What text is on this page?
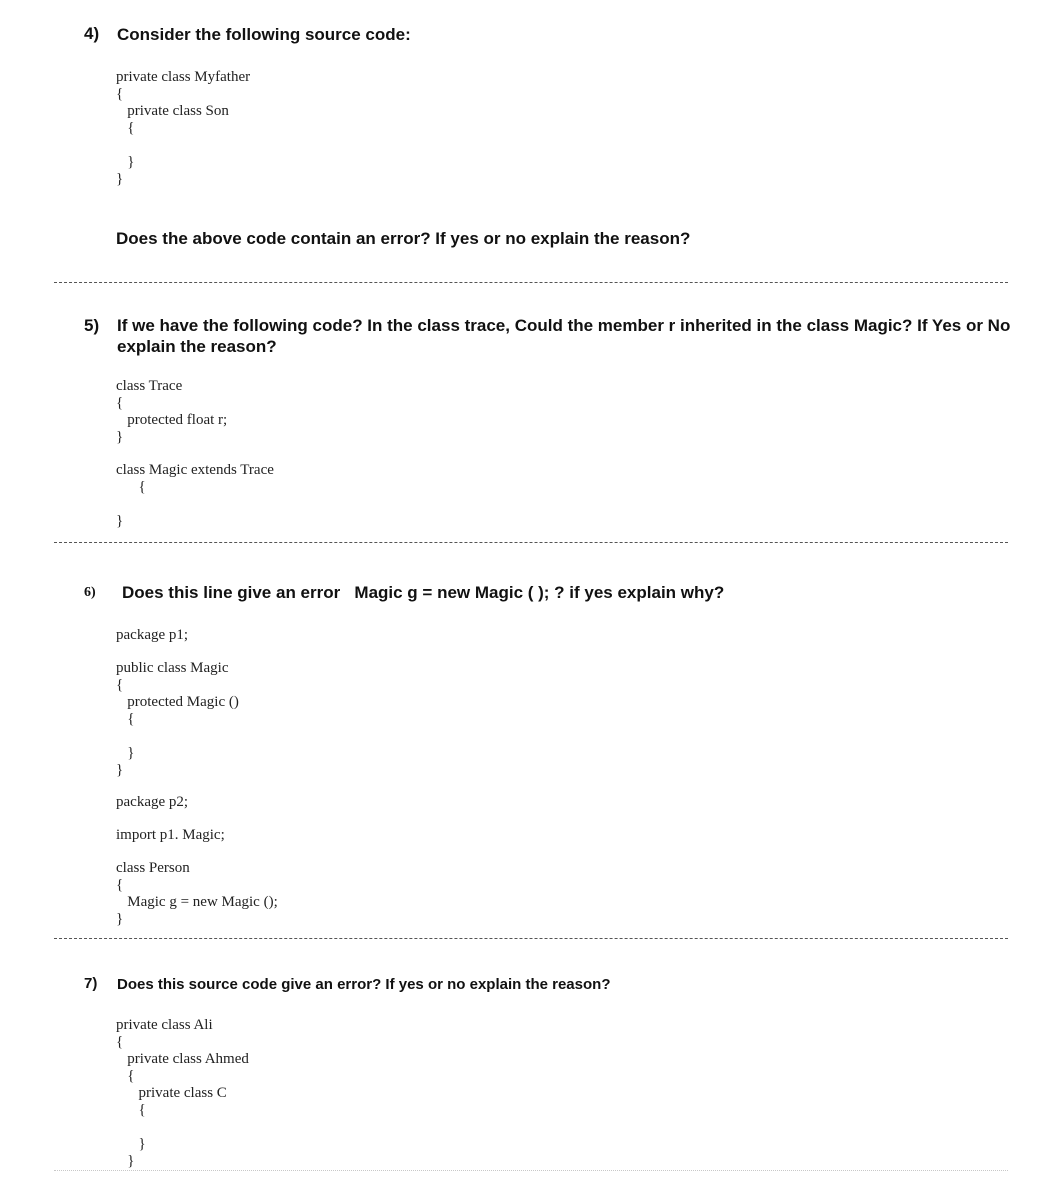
4) Consider the following source code:
private class Myfather
{
private class Son
{

}
}
Does the above code contain an error? If yes or no explain the reason?
5) If we have the following code? In the class trace, Could the member r inherited in the class Magic? If Yes or No explain the reason?
class Trace
{
protected float r;
}
class Magic extends Trace
{

}
6) Does this line give an error   Magic g = new Magic ( ); ? if yes explain why?
package p1;
public class Magic
{
protected Magic ()
{

}
}
package p2;
import p1. Magic;
class Person
{
Magic g = new Magic ();
}
7) Does this source code give an error? If yes or no explain the reason?
private class Ali
{
private class Ahmed
{
private class C
{

}
}
